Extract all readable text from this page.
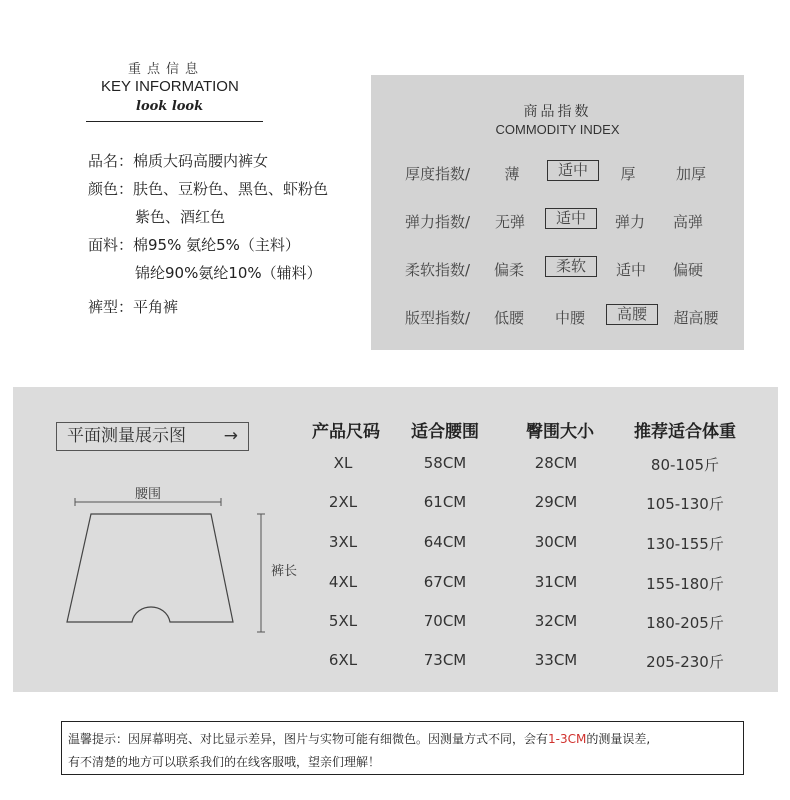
重点信息
KEY INFORMATION
look look
品名：棉质大码高腰内裤女
颜色：肤色、豆粉色、黑色、虾粉色
紫色、酒红色
面料：棉95% 氨纶5%（主料）
锦纶90%氨纶10%（辅料）
裤型：平角裤
商品指数
COMMODITY INDEX
厚度指数/	薄	适中	厚	加厚
弹力指数/	无弹	适中	弹力	高弹
柔软指数/	偏柔	柔软	适中	偏硬
版型指数/	低腰	中腰	高腰	超高腰
平面测量展示图 →
腰围
裤长
产品尺码	适合腰围	臀围大小	推荐适合体重
XL	58CM	28CM	80-105斤
2XL	61CM	29CM	105-130斤
3XL	64CM	30CM	130-155斤
4XL	67CM	31CM	155-180斤
5XL	70CM	32CM	180-205斤
6XL	73CM	33CM	205-230斤
温馨提示：因屏幕明亮、对比显示差异，图片与实物可能有细微色。因测量方式不同，会有1-3CM的测量误差,
有不清楚的地方可以联系我们的在线客服哦，望亲们理解！
